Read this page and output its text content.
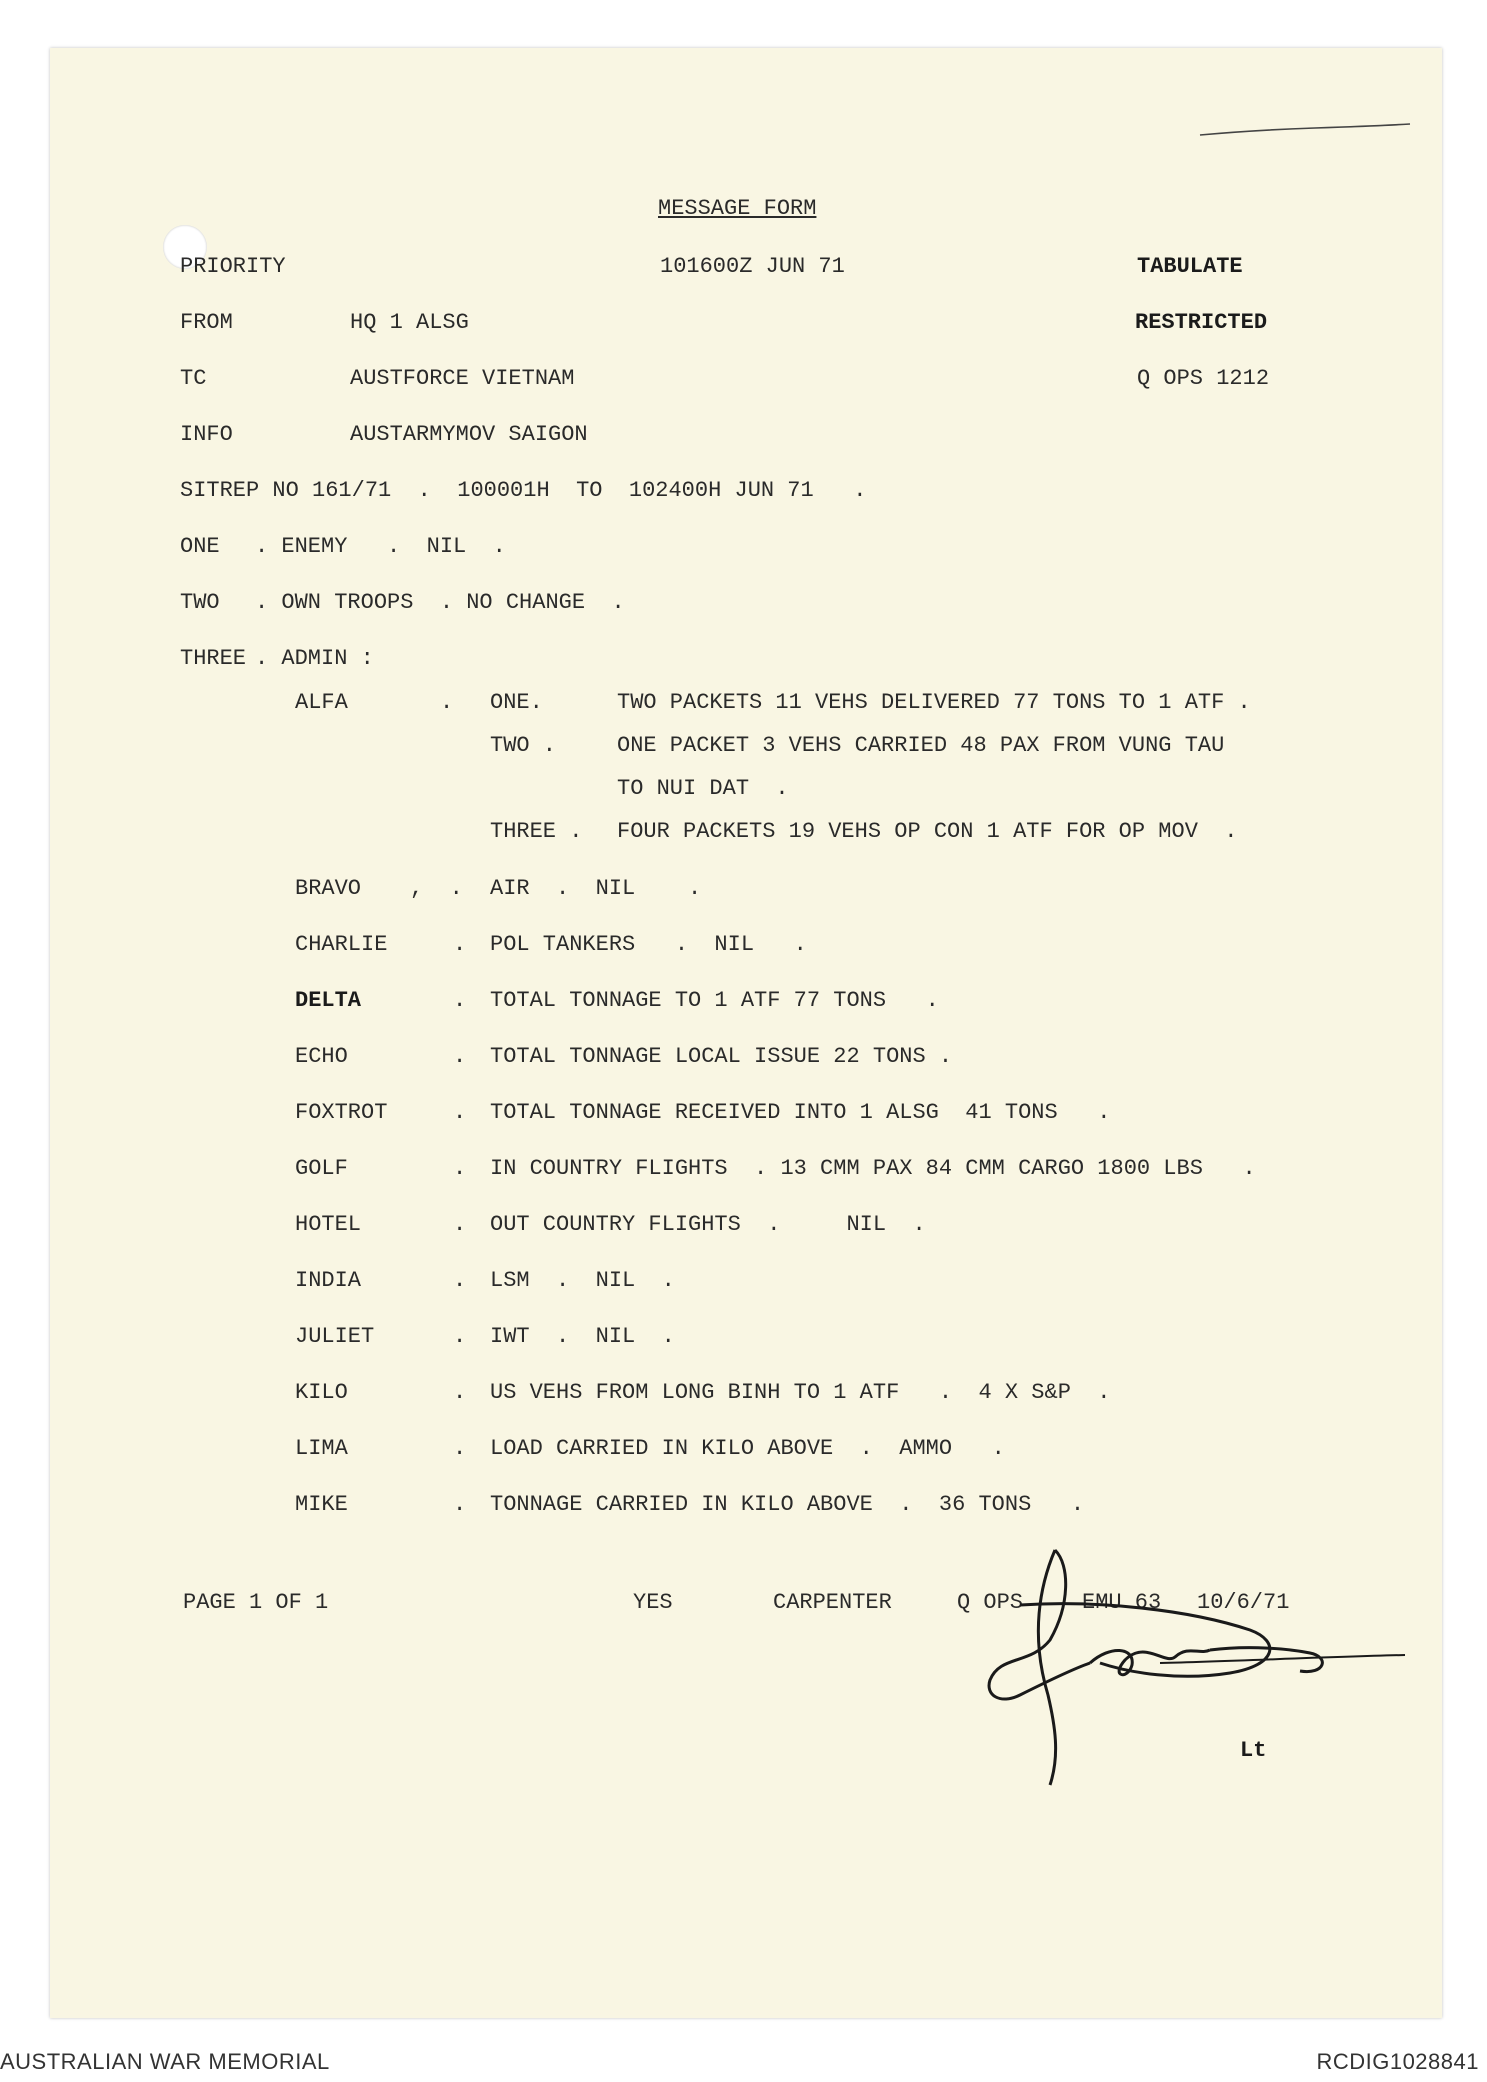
MESSAGE FORM
PRIORITY	101600Z JUN 71	TABULATE
RESTRICTED
Q OPS 1212
FROM	HQ 1 ALSG
TC	AUSTFORCE VIETNAM
INFO	AUSTARMYMOV SAIGON
SITREP NO 161/71  .  100001H  TO  102400H JUN 71   .
ONE . ENEMY   .  NIL  .
TWO . OWN TROOPS  . NO CHANGE  .
THREE . ADMIN :
ALFA	. ONE.	TWO PACKETS 11 VEHS DELIVERED 77 TONS TO 1 ATF .
TWO .	ONE PACKET 3 VEHS CARRIED 48 PAX FROM VUNG TAU
TO NUI DAT  .
THREE . FOUR PACKETS 19 VEHS OP CON 1 ATF FOR OP MOV  .
BRAVO ,  . AIR  .  NIL    .
CHARLIE	. POL TANKERS   .  NIL   .
DELTA	. TOTAL TONNAGE TO 1 ATF 77 TONS   .
ECHO	. TOTAL TONNAGE LOCAL ISSUE 22 TONS .
FOXTROT	. TOTAL TONNAGE RECEIVED INTO 1 ALSG  41 TONS   .
GOLF	. IN COUNTRY FLIGHTS  . 13 CMM PAX 84 CMM CARGO 1800 LBS   .
HOTEL	. OUT COUNTRY FLIGHTS  .     NIL  .
INDIA	. LSM  .  NIL  .
JULIET	. IWT  .  NIL  .
KILO	. US VEHS FROM LONG BINH TO 1 ATF   .  4 X S&P  .
LIMA	. LOAD CARRIED IN KILO ABOVE  .  AMMO   .
MIKE	. TONNAGE CARRIED IN KILO ABOVE  .  36 TONS   .
PAGE 1 OF 1	YES	CARPENTER	Q OPS	EMU 63 10/6/71
Lt
AUSTRALIAN WAR MEMORIAL	RCDIG1028841
